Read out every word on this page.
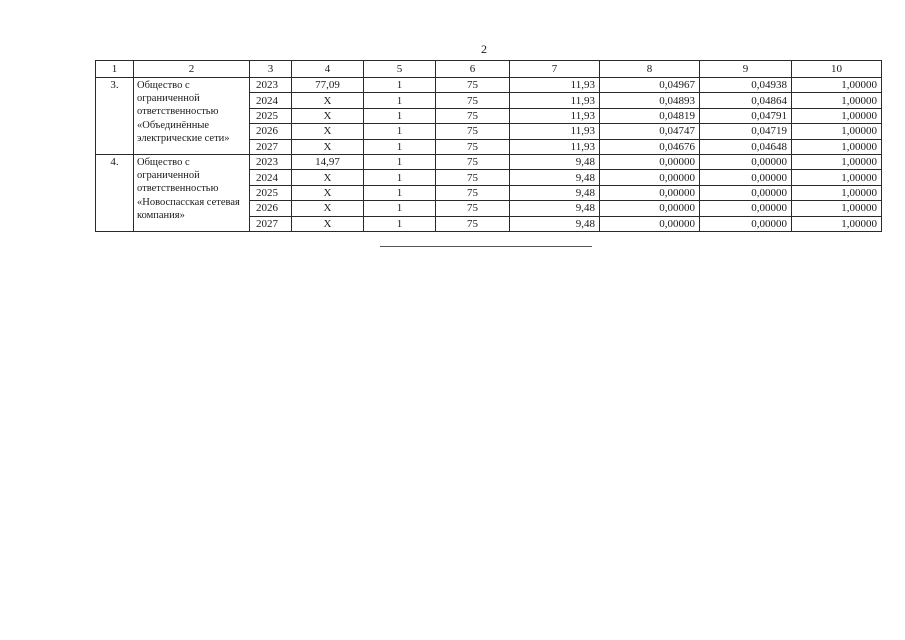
2
1	2	3	4	5	6	7	8	9	10
3.	Общество с ограниченной ответственностью «Объединённые электрические сети»	2023	77,09	1	75	11,93	0,04967	0,04938	1,00000
		2024	X	1	75	11,93	0,04893	0,04864	1,00000
		2025	X	1	75	11,93	0,04819	0,04791	1,00000
		2026	X	1	75	11,93	0,04747	0,04719	1,00000
		2027	X	1	75	11,93	0,04676	0,04648	1,00000
4.	Общество с ограниченной ответственностью «Новоспасская сетевая компания»	2023	14,97	1	75	9,48	0,00000	0,00000	1,00000
		2024	X	1	75	9,48	0,00000	0,00000	1,00000
		2025	X	1	75	9,48	0,00000	0,00000	1,00000
		2026	X	1	75	9,48	0,00000	0,00000	1,00000
		2027	X	1	75	9,48	0,00000	0,00000	1,00000
